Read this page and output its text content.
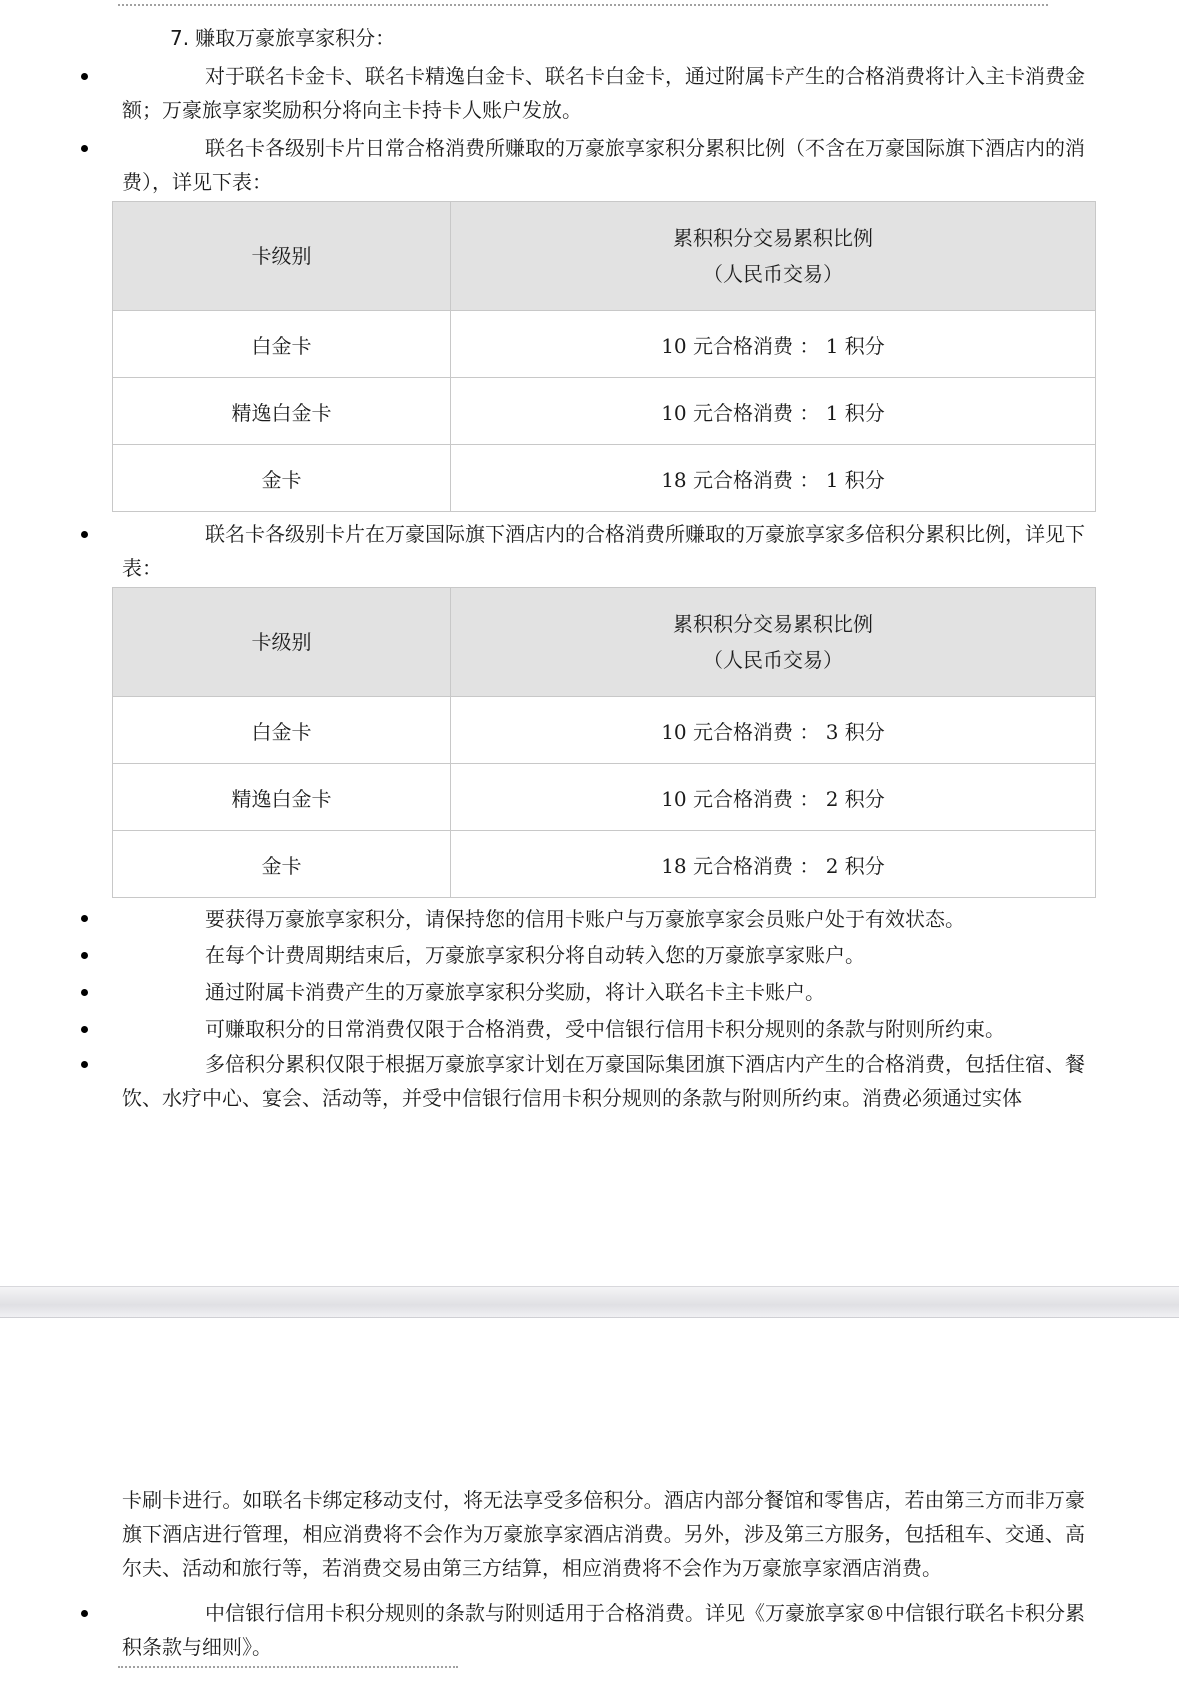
7. 赚取万豪旅享家积分：
对于联名卡金卡、联名卡精逸白金卡、联名卡白金卡，通过附属卡产生的合格消费将计入主卡消费金额；万豪旅享家奖励积分将向主卡持卡人账户发放。
联名卡各级别卡片日常合格消费所赚取的万豪旅享家积分累积比例（不含在万豪国际旗下酒店内的消费），详见下表：
卡级别	累积积分交易累积比例
（人民币交易）
白金卡	10 元合格消费 ： 1 积分
精逸白金卡	10 元合格消费 ： 1 积分
金卡	18 元合格消费 ： 1 积分
联名卡各级别卡片在万豪国际旗下酒店内的合格消费所赚取的万豪旅享家多倍积分累积比例，详见下表：
卡级别	累积积分交易累积比例
（人民币交易）
白金卡	10 元合格消费 ： 3 积分
精逸白金卡	10 元合格消费 ： 2 积分
金卡	18 元合格消费 ： 2 积分
要获得万豪旅享家积分，请保持您的信用卡账户与万豪旅享家会员账户处于有效状态。
在每个计费周期结束后，万豪旅享家积分将自动转入您的万豪旅享家账户。
通过附属卡消费产生的万豪旅享家积分奖励，将计入联名卡主卡账户。
可赚取积分的日常消费仅限于合格消费，受中信银行信用卡积分规则的条款与附则所约束。
多倍积分累积仅限于根据万豪旅享家计划在万豪国际集团旗下酒店内产生的合格消费，包括住宿、餐饮、水疗中心、宴会、活动等，并受中信银行信用卡积分规则的条款与附则所约束。消费必须通过实体
卡刷卡进行。如联名卡绑定移动支付，将无法享受多倍积分。酒店内部分餐馆和零售店，若由第三方而非万豪旗下酒店进行管理，相应消费将不会作为万豪旅享家酒店消费。另外，涉及第三方服务，包括租车、交通、高尔夫、活动和旅行等，若消费交易由第三方结算，相应消费将不会作为万豪旅享家酒店消费。
中信银行信用卡积分规则的条款与附则适用于合格消费。详见《万豪旅享家®中信银行联名卡积分累积条款与细则》。
